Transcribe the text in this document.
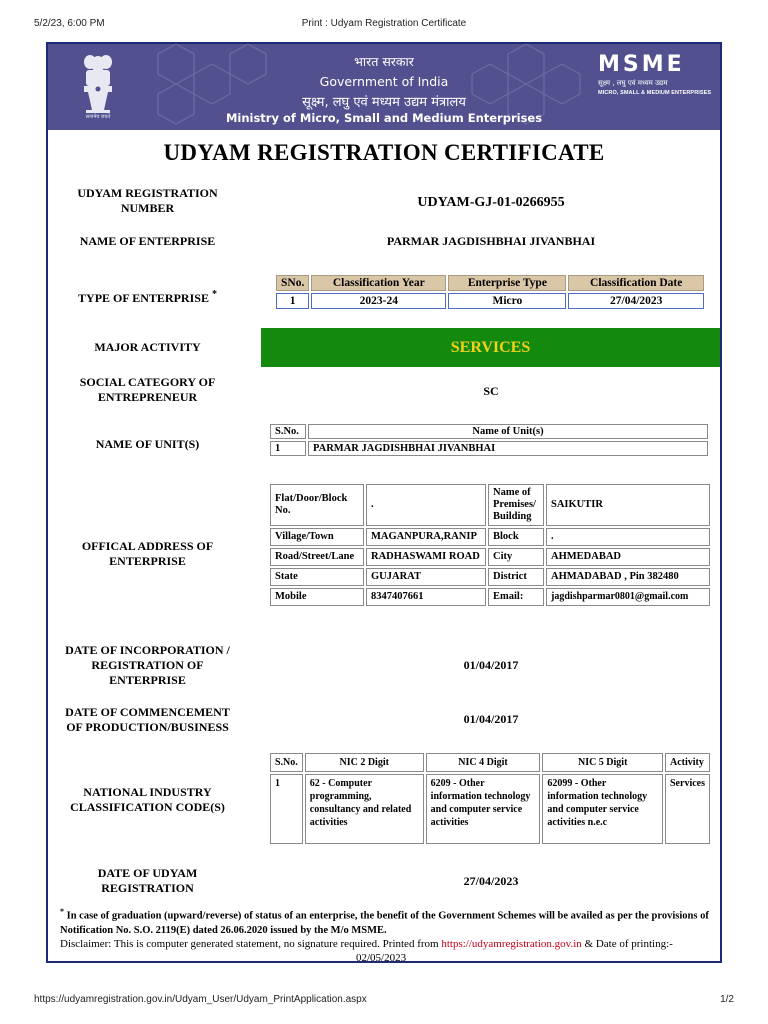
5/2/23, 6:00 PM	Print : Udyam Registration Certificate
सत्यमेव जयते
भारत सरकार
Government of India
सूक्ष्म, लघु एवं मध्यम उद्यम मंत्रालय
Ministry of Micro, Small and Medium Enterprises
MSME
सूक्ष्म , लघु एवं मध्यम उद्यम
MICRO, SMALL & MEDIUM ENTERPRISES
UDYAM REGISTRATION CERTIFICATE
UDYAM REGISTRATION NUMBER	UDYAM-GJ-01-0266955
NAME OF ENTERPRISE	PARMAR JAGDISHBHAI JIVANBHAI
TYPE OF ENTERPRISE *
SNo.	Classification Year	Enterprise Type	Classification Date
1	2023-24	Micro	27/04/2023
MAJOR ACTIVITY	SERVICES
SOCIAL CATEGORY OF ENTREPRENEUR	SC
NAME OF UNIT(S)
S.No.	Name of Unit(s)
1	PARMAR JAGDISHBHAI JIVANBHAI
OFFICAL ADDRESS OF ENTERPRISE
Flat/Door/Block No.	.	Name of Premises/ Building	SAIKUTIR
Village/Town	MAGANPURA,RANIP	Block	.
Road/Street/Lane	RADHASWAMI ROAD	City	AHMEDABAD
State	GUJARAT	District	AHMADABAD , Pin 382480
Mobile	8347407661	Email:	jagdishparmar0801@gmail.com
DATE OF INCORPORATION / REGISTRATION OF ENTERPRISE
01/04/2017
DATE OF COMMENCEMENT OF PRODUCTION/BUSINESS
01/04/2017
NATIONAL INDUSTRY CLASSIFICATION CODE(S)
S.No.	NIC 2 Digit	NIC 4 Digit	NIC 5 Digit	Activity
1	62 - Computer programming, consultancy and related activities	6209 - Other information technology and computer service activities	62099 - Other information technology and computer service activities n.e.c	Services
DATE OF UDYAM REGISTRATION	27/04/2023
* In case of graduation (upward/reverse) of status of an enterprise, the benefit of the Government Schemes will be availed as per the provisions of Notification No. S.O. 2119(E) dated 26.06.2020 issued by the M/o MSME.
Disclaimer: This is computer generated statement, no signature required. Printed from https://udyamregistration.gov.in & Date of printing:-
02/05/2023
https://udyamregistration.gov.in/Udyam_User/Udyam_PrintApplication.aspx	1/2
